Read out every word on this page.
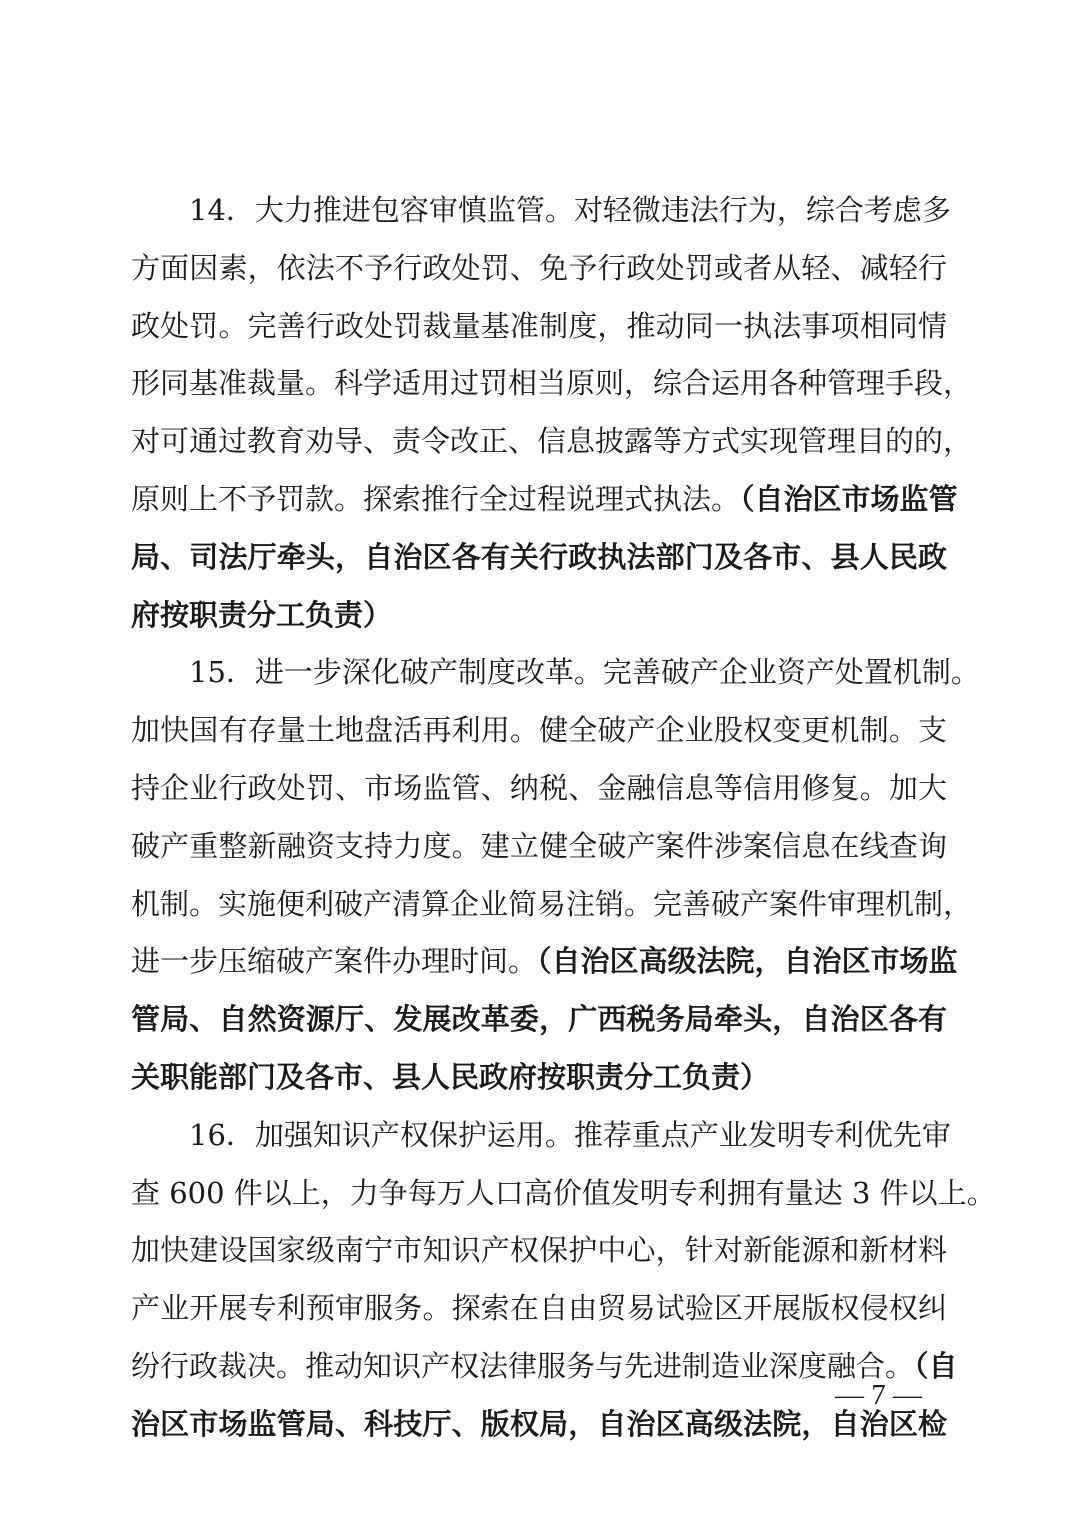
14．大力推进包容审慎监管。对轻微违法行为，综合考虑多
方面因素，依法不予行政处罚、免予行政处罚或者从轻、减轻行
政处罚。完善行政处罚裁量基准制度，推动同一执法事项相同情
形同基准裁量。科学适用过罚相当原则，综合运用各种管理手段，
对可通过教育劝导、责令改正、信息披露等方式实现管理目的的，
原则上不予罚款。探索推行全过程说理式执法。（自治区市场监管
局、司法厅牵头，自治区各有关行政执法部门及各市、县人民政
府按职责分工负责）
15．进一步深化破产制度改革。完善破产企业资产处置机制。
加快国有存量土地盘活再利用。健全破产企业股权变更机制。支
持企业行政处罚、市场监管、纳税、金融信息等信用修复。加大
破产重整新融资支持力度。建立健全破产案件涉案信息在线查询
机制。实施便利破产清算企业简易注销。完善破产案件审理机制，
进一步压缩破产案件办理时间。（自治区高级法院，自治区市场监
管局、自然资源厅、发展改革委，广西税务局牵头，自治区各有
关职能部门及各市、县人民政府按职责分工负责）
16．加强知识产权保护运用。推荐重点产业发明专利优先审
查 600 件以上，力争每万人口高价值发明专利拥有量达 3 件以上。
加快建设国家级南宁市知识产权保护中心，针对新能源和新材料
产业开展专利预审服务。探索在自由贸易试验区开展版权侵权纠
纷行政裁决。推动知识产权法律服务与先进制造业深度融合。（自
治区市场监管局、科技厅、版权局，自治区高级法院，自治区检
— 7 —
